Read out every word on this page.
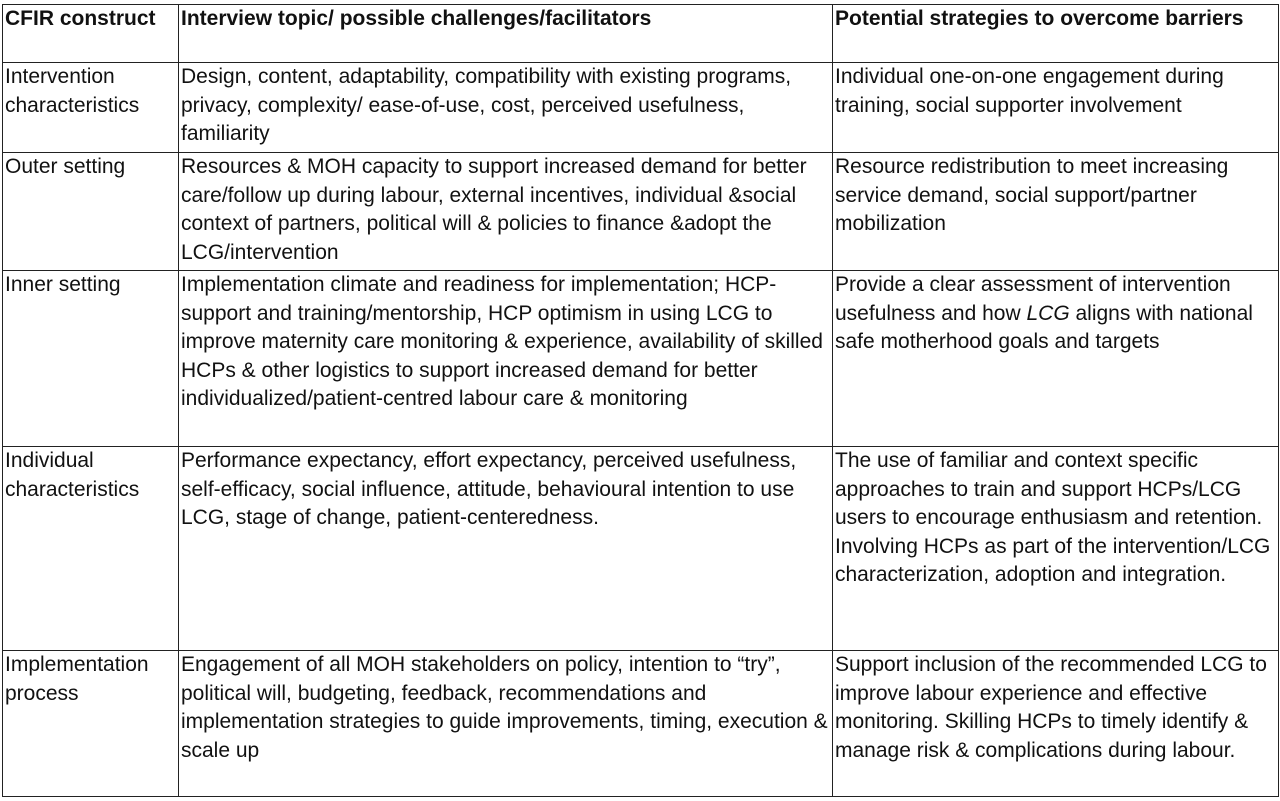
CFIR construct	Interview topic/ possible challenges/facilitators	Potential strategies to overcome barriers
Intervention characteristics	Design, content, adaptability, compatibility with existing programs, privacy, complexity/ ease-of-use, cost, perceived usefulness, familiarity	Individual one-on-one engagement during training, social supporter involvement
Outer setting	Resources & MOH capacity to support increased demand for better care/follow up during labour, external incentives, individual &social context of partners, political will & policies to finance &adopt the LCG/intervention	Resource redistribution to meet increasing service demand, social support/partner mobilization
Inner setting	Implementation climate and readiness for implementation; HCP-support and training/mentorship, HCP optimism in using LCG to improve maternity care monitoring & experience, availability of skilled HCPs & other logistics to support increased demand for better individualized/patient-centred labour care & monitoring	Provide a clear assessment of intervention usefulness and how LCG aligns with national safe motherhood goals and targets
Individual characteristics	Performance expectancy, effort expectancy, perceived usefulness, self-efficacy, social influence, attitude, behavioural intention to use LCG, stage of change, patient-centeredness.	The use of familiar and context specific approaches to train and support HCPs/LCG users to encourage enthusiasm and retention. Involving HCPs as part of the intervention/LCG characterization, adoption and integration.
Implementation process	Engagement of all MOH stakeholders on policy, intention to “try”, political will, budgeting, feedback, recommendations and implementation strategies to guide improvements, timing, execution & scale up	Support inclusion of the recommended LCG to improve labour experience and effective monitoring. Skilling HCPs to timely identify & manage risk & complications during labour.
